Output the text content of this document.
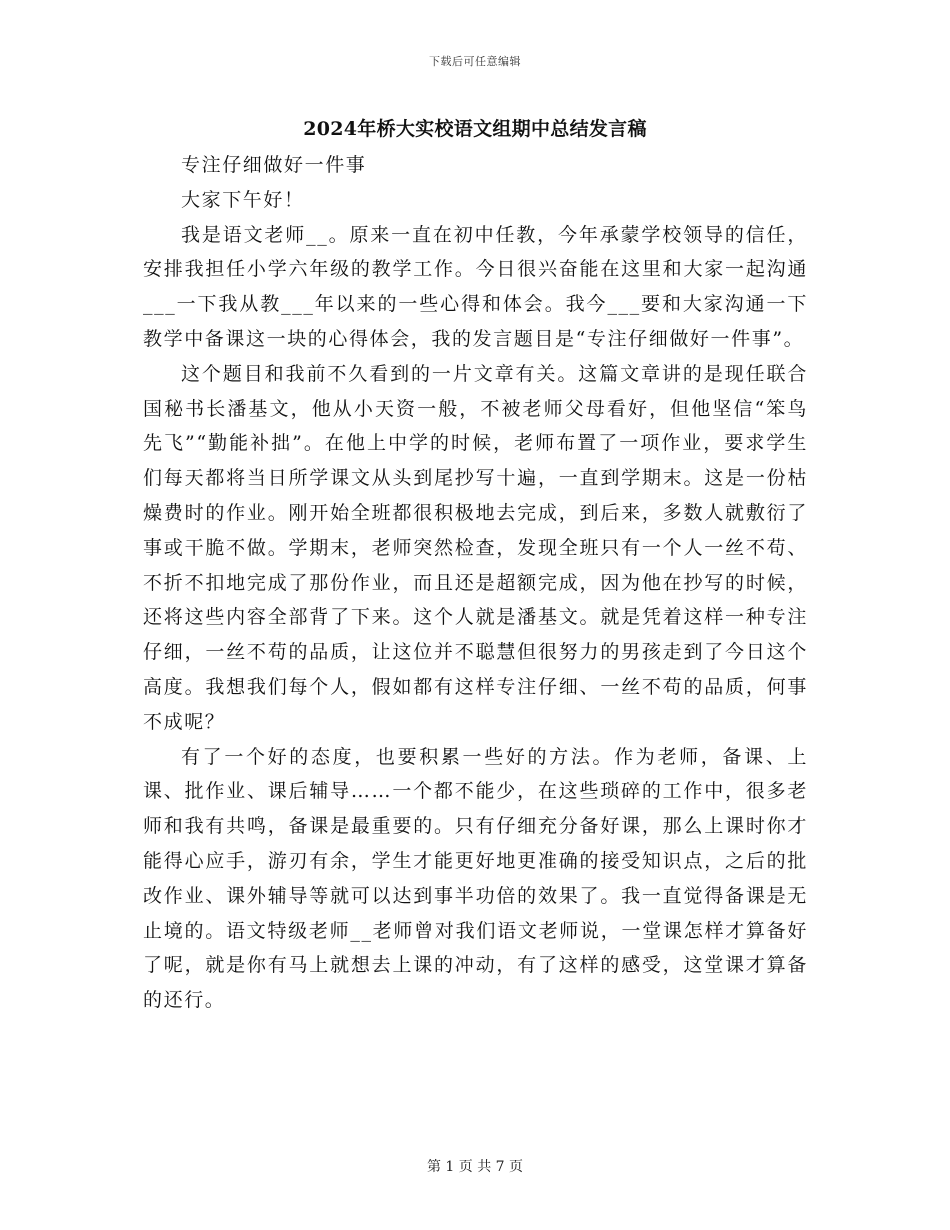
下载后可任意编辑
2024年桥大实校语文组期中总结发言稿

专注仔细做好一件事

大家下午好！

我是语文老师__。原来一直在初中任教，今年承蒙学校领导的信任，安排我担任小学六年级的教学工作。今日很兴奋能在这里和大家一起沟通___一下我从教___年以来的一些心得和体会。我今___要和大家沟通一下教学中备课这一块的心得体会，我的发言题目是“专注仔细做好一件事”。

这个题目和我前不久看到的一片文章有关。这篇文章讲的是现任联合国秘书长潘基文，他从小天资一般，不被老师父母看好，但他坚信“笨鸟先飞”“勤能补拙”。在他上中学的时候，老师布置了一项作业，要求学生们每天都将当日所学课文从头到尾抄写十遍，一直到学期末。这是一份枯燥费时的作业。刚开始全班都很积极地去完成，到后来，多数人就敷衍了事或干脆不做。学期末，老师突然检查，发现全班只有一个人一丝不苟、不折不扣地完成了那份作业，而且还是超额完成，因为他在抄写的时候，还将这些内容全部背了下来。这个人就是潘基文。就是凭着这样一种专注仔细，一丝不苟的品质，让这位并不聪慧但很努力的男孩走到了今日这个高度。我想我们每个人，假如都有这样专注仔细、一丝不苟的品质，何事不成呢？

有了一个好的态度，也要积累一些好的方法。作为老师，备课、上课、批作业、课后辅导……一个都不能少，在这些琐碎的工作中，很多老师和我有共鸣，备课是最重要的。只有仔细充分备好课，那么上课时你才能得心应手，游刃有余，学生才能更好地更准确的接受知识点，之后的批改作业、课外辅导等就可以达到事半功倍的效果了。我一直觉得备课是无止境的。语文特级老师__老师曾对我们语文老师说，一堂课怎样才算备好了呢，就是你有马上就想去上课的冲动，有了这样的感受，这堂课才算备的还行。

第 1 页 共 7 页
